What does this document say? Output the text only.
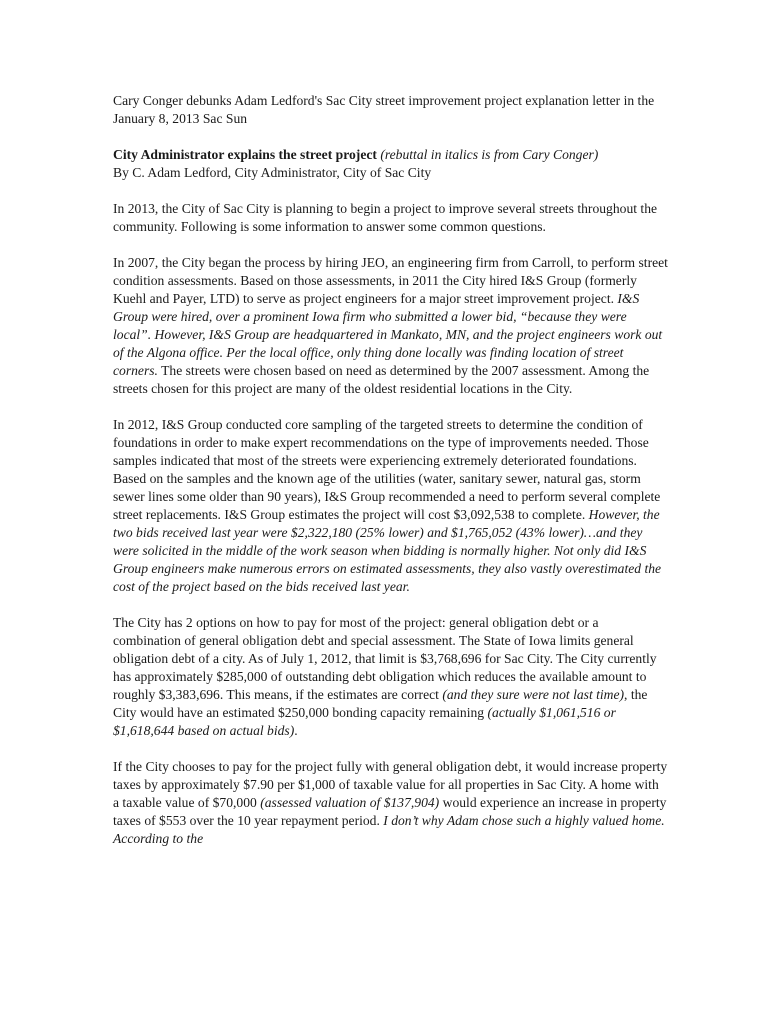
Cary Conger debunks Adam Ledford's Sac City street improvement project explanation letter in the January 8, 2013 Sac Sun

City Administrator explains the street project (rebuttal in italics is from Cary Conger)

By C. Adam Ledford, City Administrator, City of Sac City

In 2013, the City of Sac City is planning to begin a project to improve several streets throughout the community. Following is some information to answer some common questions.

In 2007, the City began the process by hiring JEO, an engineering firm from Carroll, to perform street condition assessments. Based on those assessments, in 2011 the City hired I&S Group (formerly Kuehl and Payer, LTD) to serve as project engineers for a major street improvement project. I&S Group were hired, over a prominent Iowa firm who submitted a lower bid, “because they were local”. However, I&S Group are headquartered in Mankato, MN, and the project engineers work out of the Algona office. Per the local office, only thing done locally was finding location of street corners. The streets were chosen based on need as determined by the 2007 assessment. Among the streets chosen for this project are many of the oldest residential locations in the City.

In 2012, I&S Group conducted core sampling of the targeted streets to determine the condition of foundations in order to make expert recommendations on the type of improvements needed. Those samples indicated that most of the streets were experiencing extremely deteriorated foundations. Based on the samples and the known age of the utilities (water, sanitary sewer, natural gas, storm sewer lines some older than 90 years), I&S Group recommended a need to perform several complete street replacements. I&S Group estimates the project will cost $3,092,538 to complete. However, the two bids received last year were $2,322,180 (25% lower) and $1,765,052 (43% lower)…and they were solicited in the middle of the work season when bidding is normally higher. Not only did I&S Group engineers make numerous errors on estimated assessments, they also vastly overestimated the cost of the project based on the bids received last year.

The City has 2 options on how to pay for most of the project: general obligation debt or a combination of general obligation debt and special assessment. The State of Iowa limits general obligation debt of a city. As of July 1, 2012, that limit is $3,768,696 for Sac City. The City currently has approximately $285,000 of outstanding debt obligation which reduces the available amount to roughly $3,383,696. This means, if the estimates are correct (and they sure were not last time), the City would have an estimated $250,000 bonding capacity remaining (actually $1,061,516 or $1,618,644 based on actual bids).

If the City chooses to pay for the project fully with general obligation debt, it would increase property taxes by approximately $7.90 per $1,000 of taxable value for all properties in Sac City. A home with a taxable value of $70,000 (assessed valuation of $137,904) would experience an increase in property taxes of $553 over the 10 year repayment period. I don’t why Adam chose such a highly valued home. According to the
